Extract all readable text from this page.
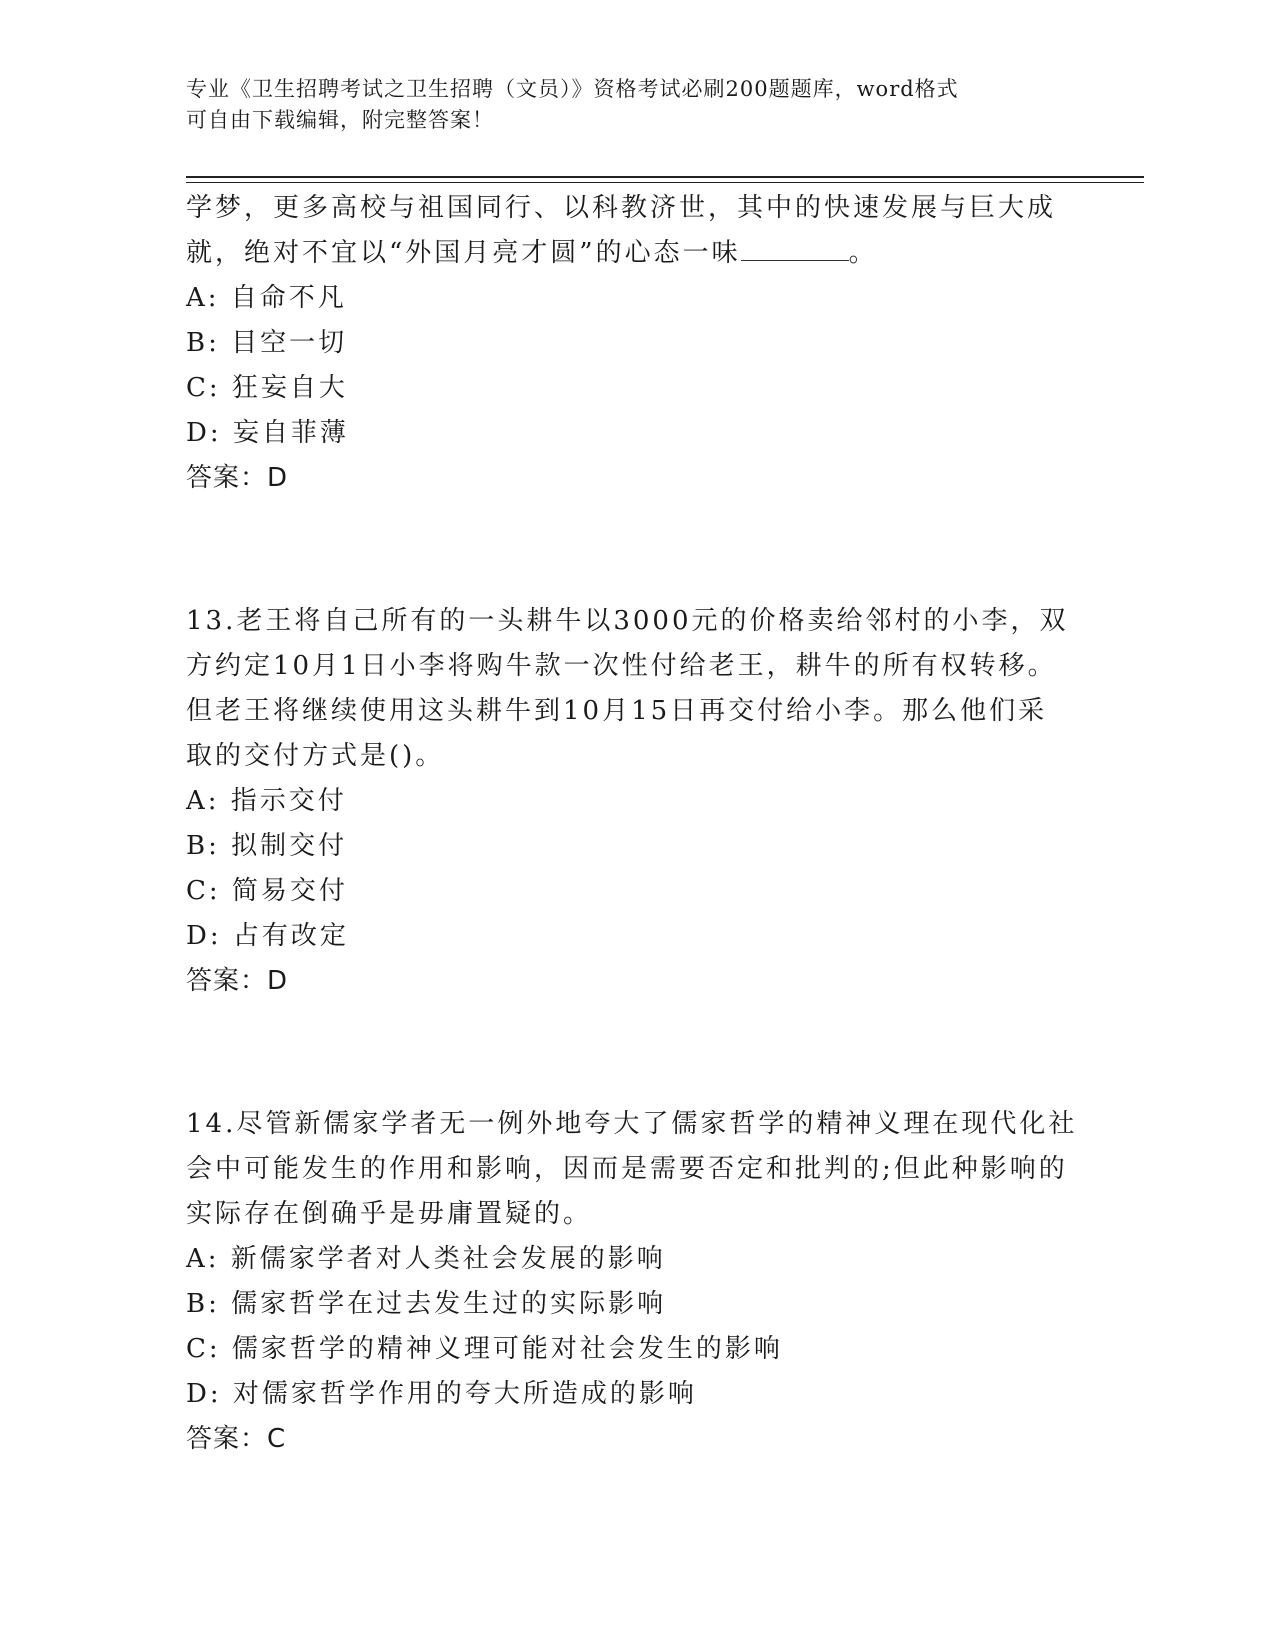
专业《卫生招聘考试之卫生招聘（文员）》资格考试必刷200题题库，word格式
可自由下载编辑，附完整答案！
学梦，更多高校与祖国同行、以科教济世，其中的快速发展与巨大成
就，绝对不宜以“外国月亮才圆”的心态一味	。
A: 自命不凡
B: 目空一切
C: 狂妄自大
D: 妄自菲薄
答案：D
13.老王将自己所有的一头耕牛以3000元的价格卖给邻村的小李，双
方约定10月1日小李将购牛款一次性付给老王，耕牛的所有权转移。
但老王将继续使用这头耕牛到10月15日再交付给小李。那么他们采
取的交付方式是()。
A: 指示交付
B: 拟制交付
C: 简易交付
D: 占有改定
答案：D
14.尽管新儒家学者无一例外地夸大了儒家哲学的精神义理在现代化社
会中可能发生的作用和影响，因而是需要否定和批判的;但此种影响的
实际存在倒确乎是毋庸置疑的。
A: 新儒家学者对人类社会发展的影响
B: 儒家哲学在过去发生过的实际影响
C: 儒家哲学的精神义理可能对社会发生的影响
D: 对儒家哲学作用的夸大所造成的影响
答案：C
